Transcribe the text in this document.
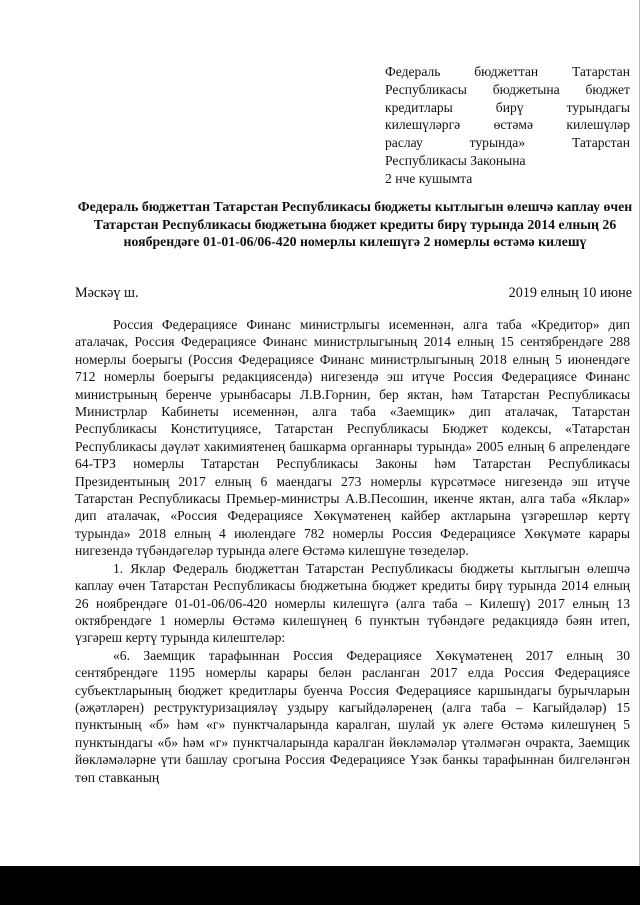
Федераль бюджеттан Татарстан
Республикасы бюджетына бюджет
кредитлары бирү турындагы
килешүләргә өстәмә килешүләр
раслау турында» Татарстан
Республикасы Законына
2 нче кушымта
Федераль бюджеттан Татарстан Республикасы бюджеты кытлыгын өлешчә каплау өчен Татарстан Республикасы бюджетына бюджет кредиты бирү турында 2014 елның 26 ноябрендәге 01-01-06/06-420 номерлы килешүгә 2 номерлы өстәмә килешү
Мәскәү ш.	2019 елның 10 июне

Россия Федерациясе Финанс министрлыгы исеменнән, алга таба «Кредитор» дип аталачак, Россия Федерациясе Финанс министрлыгының 2014 елның 15 сентябрендәге 288 номерлы боерыгы (Россия Федерациясе Финанс министрлыгының 2018 елның 5 июнендәге 712 номерлы боерыгы редакциясендә) нигезендә эш итүче Россия Федерациясе Финанс министрының беренче урынбасары Л.В.Горнин, бер яктан, һәм Татарстан Республикасы Министрлар Кабинеты исеменнән, алга таба «Заемщик» дип аталачак, Татарстан Республикасы Конституциясе, Татарстан Республикасы Бюджет кодексы, «Татарстан Республикасы дәүләт хакимиятенең башкарма органнары турында» 2005 елның 6 апрелендәге 64-ТРЗ номерлы Татарстан Республикасы Законы һәм Татарстан Республикасы Президентының 2017 елның 6 маендагы 273 номерлы күрсәтмәсе нигезендә эш итүче Татарстан Республикасы Премьер-министры А.В.Песошин, икенче яктан, алга таба «Яклар» дип аталачак, «Россия Федерациясе Хөкүмәтенең кайбер актларына үзгәрешләр кертү турында» 2018 елның 4 июлендәге 782 номерлы Россия Федерациясе Хөкүмәте карары нигезендә түбәндәгеләр турында әлеге Өстәмә килешүне төзеделәр.

1. Яклар Федераль бюджеттан Татарстан Республикасы бюджеты кытлыгын өлешчә каплау өчен Татарстан Республикасы бюджетына бюджет кредиты бирү турында 2014 елның 26 ноябрендәге 01-01-06/06-420 номерлы килешүгә (алга таба – Килешү) 2017 елның 13 октябрендәге 1 номерлы Өстәмә килешүнең 6 пунктын түбәндәге редакциядә бәян итеп, үзгәреш кертү турында килештеләр:

«6. Заемщик тарафыннан Россия Федерациясе Хөкүмәтенең 2017 елның 30 сентябрендәге 1195 номерлы карары белән расланган 2017 елда Россия Федерациясе субъектларының бюджет кредитлары буенча Россия Федерациясе каршындагы бурычларын (әҗәтләрен) реструктуризацияләү уздыру кагыйдәләренең (алга таба – Кагыйдәләр) 15 пунктының «б» һәм «г» пунктчаларында каралган, шулай ук әлеге Өстәмә килешүнең 5 пунктындагы «б» һәм «г» пунктчаларында каралган йөкләмәләр үтәлмәгән очракта, Заемщик йөкләмәләрне үти башлау срогына Россия Федерациясе Үзәк банкы тарафыннан билгеләнгән төп ставканың
